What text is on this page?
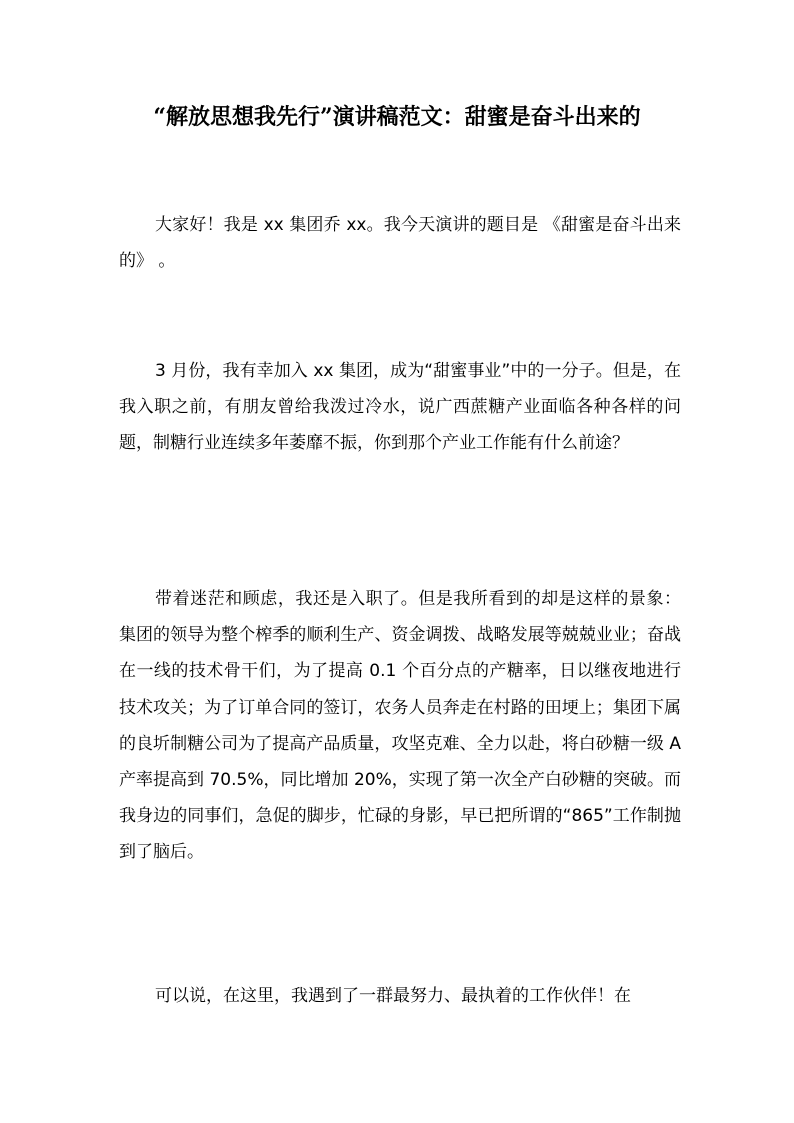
“解放思想我先行”演讲稿范文：甜蜜是奋斗出来的

大家好！我是 xx 集团乔 xx。我今天演讲的题目是 《甜蜜是奋斗出来的》 。

3 月份，我有幸加入 xx 集团，成为“甜蜜事业”中的一分子。但是，在我入职之前，有朋友曾给我泼过冷水，说广西蔗糖产业面临各种各样的问题，制糖行业连续多年萎靡不振，你到那个产业工作能有什么前途？

带着迷茫和顾虑，我还是入职了。但是我所看到的却是这样的景象：集团的领导为整个榨季的顺利生产、资金调拨、战略发展等兢兢业业；奋战在一线的技术骨干们，为了提高 0.1 个百分点的产糖率，日以继夜地进行技术攻关；为了订单合同的签订，农务人员奔走在村路的田埂上；集团下属的良圻制糖公司为了提高产品质量，攻坚克难、全力以赴，将白砂糖一级 A 产率提高到 70.5%，同比增加 20%，实现了第一次全产白砂糖的突破。而我身边的同事们，急促的脚步，忙碌的身影，早已把所谓的“865”工作制抛到了脑后。

可以说，在这里，我遇到了一群最努力、最执着的工作伙伴！在
